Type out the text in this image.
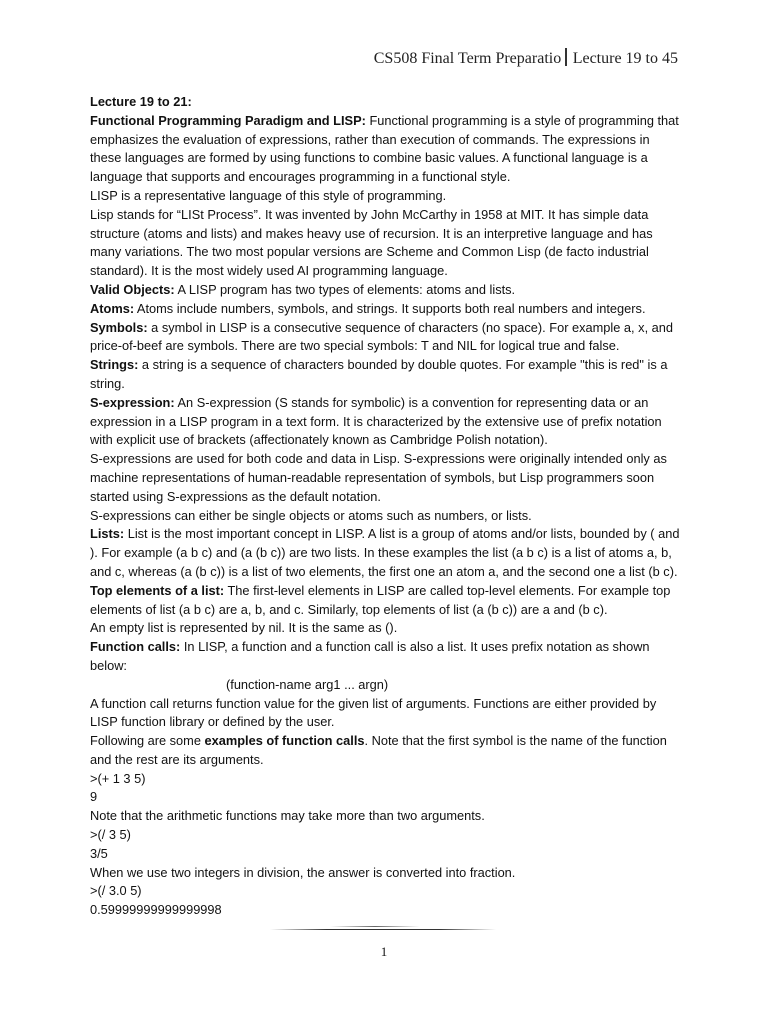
CS508 Final Term Preparatio Lecture 19 to 45

Lecture 19 to 21:

Functional Programming Paradigm and LISP: Functional programming is a style of programming that emphasizes the evaluation of expressions, rather than execution of commands. The expressions in these languages are formed by using functions to combine basic values. A functional language is a language that supports and encourages programming in a functional style.

LISP is a representative language of this style of programming.

Lisp stands for “LISt Process”. It was invented by John McCarthy in 1958 at MIT. It has simple data structure (atoms and lists) and makes heavy use of recursion. It is an interpretive language and has many variations. The two most popular versions are Scheme and Common Lisp (de facto industrial standard). It is the most widely used AI programming language.

Valid Objects: A LISP program has two types of elements: atoms and lists.

Atoms: Atoms include numbers, symbols, and strings. It supports both real numbers and integers.

Symbols: a symbol in LISP is a consecutive sequence of characters (no space). For example a, x, and price-of-beef are symbols. There are two special symbols: T and NIL for logical true and false.

Strings: a string is a sequence of characters bounded by double quotes. For example "this is red" is a string.

S-expression: An S-expression (S stands for symbolic) is a convention for representing data or an expression in a LISP program in a text form. It is characterized by the extensive use of prefix notation with explicit use of brackets (affectionately known as Cambridge Polish notation).

S-expressions are used for both code and data in Lisp. S-expressions were originally intended only as machine representations of human-readable representation of symbols, but Lisp programmers soon started using S-expressions as the default notation.

S-expressions can either be single objects or atoms such as numbers, or lists.

Lists: List is the most important concept in LISP. A list is a group of atoms and/or lists, bounded by ( and ). For example (a b c) and (a (b c)) are two lists. In these examples the list (a b c) is a list of atoms a, b, and c, whereas (a (b c)) is a list of two elements, the first one an atom a, and the second one a list (b c).

Top elements of a list: The first-level elements in LISP are called top-level elements. For example top elements of list (a b c) are a, b, and c. Similarly, top elements of list (a (b c)) are a and (b c).

An empty list is represented by nil. It is the same as ().

Function calls: In LISP, a function and a function call is also a list. It uses prefix notation as shown below:

(function-name arg1 ... argn)

A function call returns function value for the given list of arguments. Functions are either provided by LISP function library or defined by the user.

Following are some examples of function calls. Note that the first symbol is the name of the function and the rest are its arguments.

>(+ 1 3 5)

9

Note that the arithmetic functions may take more than two arguments.

>(/ 3 5)

3/5

When we use two integers in division, the answer is converted into fraction.

>(/ 3.0 5)

0.59999999999999998

1
